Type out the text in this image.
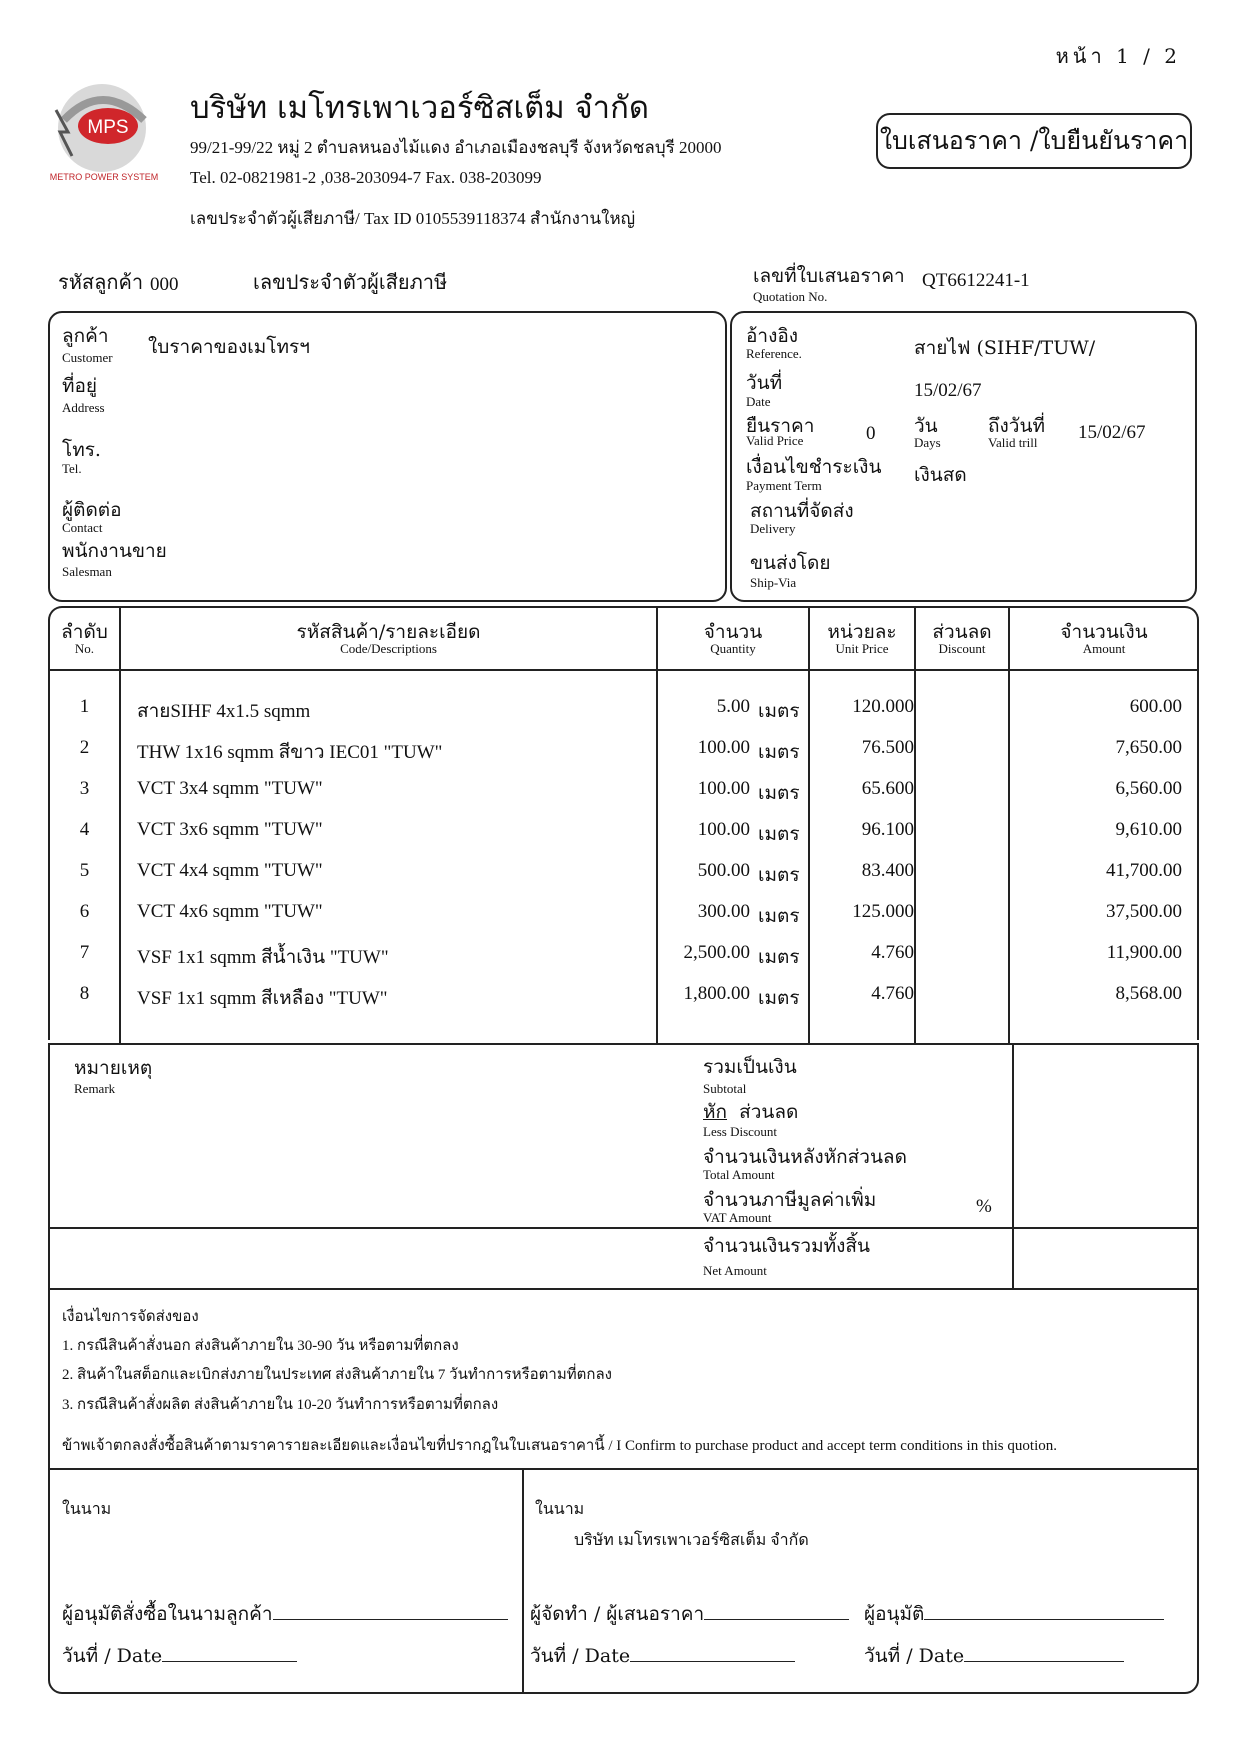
หน้า 1 / 2
MPS
METRO POWER SYSTEM
บริษัท เมโทรเพาเวอร์ซิสเต็ม จำกัด
99/21-99/22 หมู่ 2 ตำบลหนองไม้แดง อำเภอเมืองชลบุรี จังหวัดชลบุรี 20000
Tel. 02-0821981-2 ,038-203094-7 Fax. 038-203099
เลขประจำตัวผู้เสียภาษี/ Tax ID 0105539118374 สำนักงานใหญ่
ใบเสนอราคา /ใบยืนยันราคา
รหัสลูกค้า 000	เลขประจำตัวผู้เสียภาษี	เลขที่ใบเสนอราคา
Quotation No.
QT6612241-1
ลูกค้า
Customer ใบราคาของเมโทรฯ
ที่อยู่
Address
โทร.
Tel.
ผู้ติดต่อ
Contact
พนักงานขาย
Salesman
อ้างอิง
Reference.	สายไฟ (SIHF/TUW/
วันที่
Date
15/02/67
ยืนราคา
Valid Price	0 วัน
Days
ถึงวันที่
Valid trill 15/02/67
เงื่อนไขชำระเงิน
Payment Term	เงินสด
สถานที่จัดส่ง
Delivery
ขนส่งโดย
Ship-Via
ลำดับ
No.
รหัสสินค้า/รายละเอียด
Code/Descriptions
จำนวน
Quantity
หน่วยละ
Unit Price
ส่วนลด
Discount
จำนวนเงิน
Amount
1	สายSIHF 4x1.5 sqmm	5.00 เมตร	120.000	600.00
2	THW 1x16 sqmm สีขาว IEC01 "TUW"	100.00 เมตร	76.500	7,650.00
3	VCT 3x4 sqmm "TUW"	100.00 เมตร	65.600	6,560.00
4	VCT 3x6 sqmm "TUW"	100.00 เมตร	96.100	9,610.00
5	VCT 4x4 sqmm "TUW"	500.00 เมตร	83.400	41,700.00
6	VCT 4x6 sqmm "TUW"	300.00 เมตร	125.000	37,500.00
7	VSF 1x1 sqmm สีน้ำเงิน "TUW"	2,500.00 เมตร	4.760	11,900.00
8	VSF 1x1 sqmm สีเหลือง "TUW"	1,800.00 เมตร	4.760	8,568.00
หมายเหตุ
Remark
รวมเป็นเงิน
Subtotal
หัก ส่วนลด
Less Discount
จำนวนเงินหลังหักส่วนลด
Total Amount
จำนวนภาษีมูลค่าเพิ่ม
VAT Amount
%
จำนวนเงินรวมทั้งสิ้น
Net Amount
เงื่อนไขการจัดส่งของ
1. กรณีสินค้าสั่งนอก ส่งสินค้าภายใน 30-90 วัน หรือตามที่ตกลง
2. สินค้าในสต็อกและเบิกส่งภายในประเทศ ส่งสินค้าภายใน 7 วันทำการหรือตามที่ตกลง
3. กรณีสินค้าสั่งผลิต ส่งสินค้าภายใน 10-20 วันทำการหรือตามที่ตกลง
ข้าพเจ้าตกลงสั่งซื้อสินค้าตามราคารายละเอียดและเงื่อนไขที่ปรากฎในใบเสนอราคานี้ / I Confirm to purchase product and accept term conditions in this quotion.
ในนาม	ในนาม
บริษัท เมโทรเพาเวอร์ซิสเต็ม จำกัด
ผู้อนุมัติสั่งซื้อในนามลูกค้า
วันที่ / Date
ผู้จัดทำ / ผู้เสนอราคา
วันที่ / Date
ผู้อนุมัติ
วันที่ / Date
